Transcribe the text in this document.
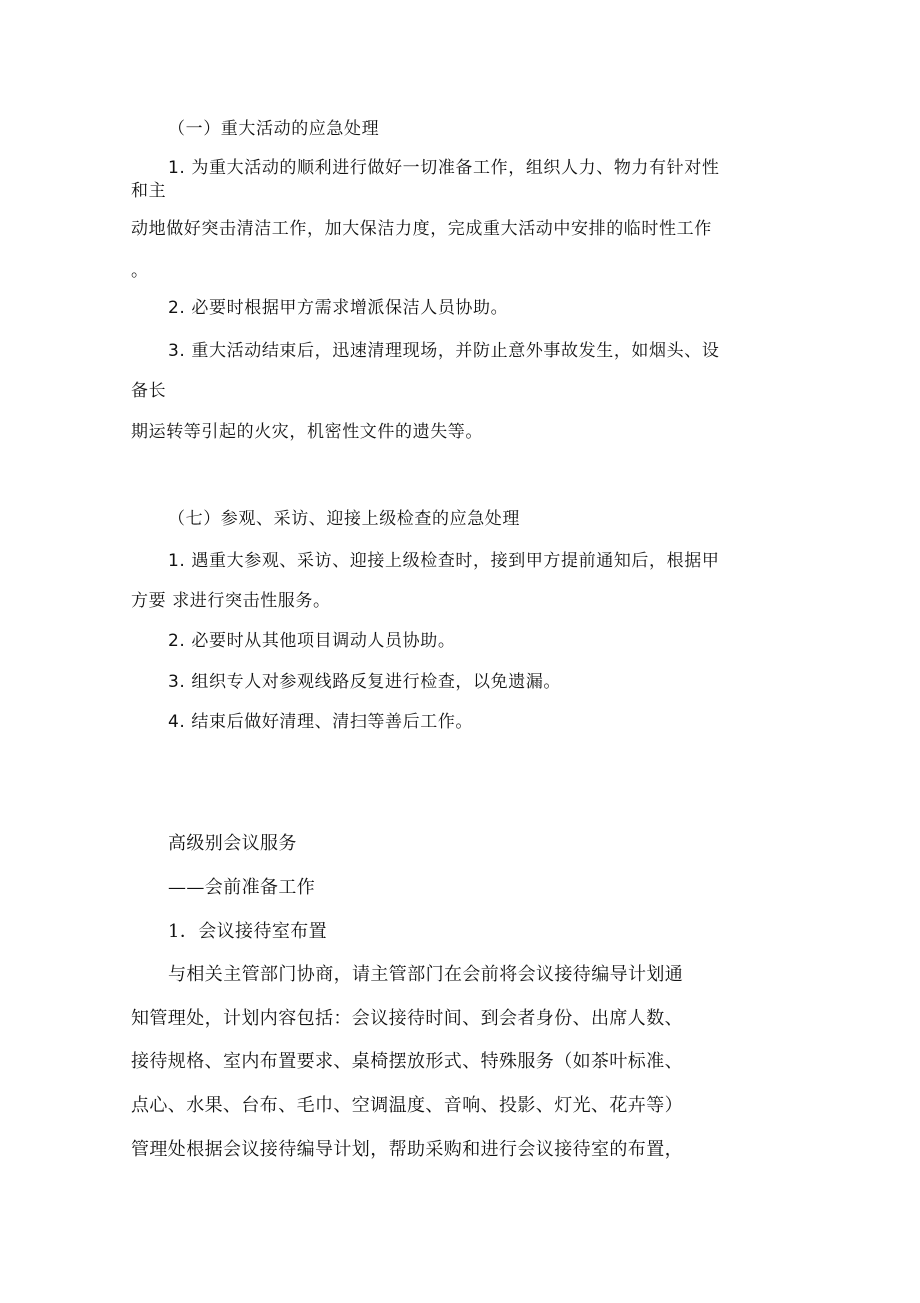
（一）重大活动的应急处理
1. 为重大活动的顺利进行做好一切准备工作，组织人力、物力有针对性
和主
动地做好突击清洁工作，加大保洁力度，完成重大活动中安排的临时性工作
。
2. 必要时根据甲方需求增派保洁人员协助。
3. 重大活动结束后，迅速清理现场，并防止意外事故发生，如烟头、设
备长
期运转等引起的火灾，机密性文件的遗失等。
（七）参观、采访、迎接上级检查的应急处理
1. 遇重大参观、采访、迎接上级检查时，接到甲方提前通知后，根据甲
方要 求进行突击性服务。
2. 必要时从其他项目调动人员协助。
3. 组织专人对参观线路反复进行检查，以免遗漏。
4. 结束后做好清理、清扫等善后工作。
高级别会议服务
——会前准备工作
1．会议接待室布置
与相关主管部门协商，请主管部门在会前将会议接待编导计划通
知管理处，计划内容包括：会议接待时间、到会者身份、出席人数、
接待规格、室内布置要求、桌椅摆放形式、特殊服务（如茶叶标准、
点心、水果、台布、毛巾、空调温度、音响、投影、灯光、花卉等）
管理处根据会议接待编导计划，帮助采购和进行会议接待室的布置，
